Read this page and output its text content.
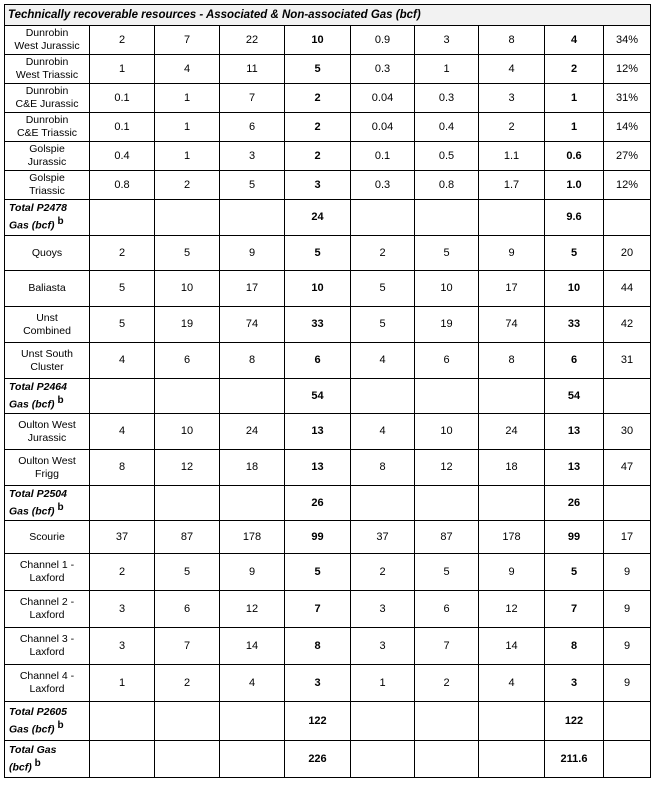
Technically recoverable resources - Associated & Non-associated Gas (bcf)									
Dunrobin
West Jurassic	2	7	22	10	0.9	3	8	4	34%
Dunrobin
West Triassic	1	4	11	5	0.3	1	4	2	12%
Dunrobin
C&E Jurassic	0.1	1	7	2	0.04	0.3	3	1	31%
Dunrobin
C&E Triassic	0.1	1	6	2	0.04	0.4	2	1	14%
Golspie
Jurassic	0.4	1	3	2	0.1	0.5	1.1	0.6	27%
Golspie
Triassic	0.8	2	5	3	0.3	0.8	1.7	1.0	12%
Total P2478
Gas (bcf) $^b$				24				9.6	
Quoys	2	5	9	5	2	5	9	5	20
Baliasta	5	10	17	10	5	10	17	10	44
Unst
Combined	5	19	74	33	5	19	74	33	42
Unst South
Cluster	4	6	8	6	4	6	8	6	31
Total P2464
Gas (bcf) $^b$				54				54	
Oulton West
Jurassic	4	10	24	13	4	10	24	13	30
Oulton West
Frigg	8	12	18	13	8	12	18	13	47
Total P2504
Gas (bcf) $^b$				26				26	
Scourie	37	87	178	99	37	87	178	99	17
Channel 1 -
Laxford	2	5	9	5	2	5	9	5	9
Channel 2 -
Laxford	3	6	12	7	3	6	12	7	9
Channel 3 -
Laxford	3	7	14	8	3	7	14	8	9
Channel 4 -
Laxford	1	2	4	3	1	2	4	3	9
Total P2605
Gas (bcf) $^b$				122				122	
Total Gas
(bcf) $^b$				226				211.6	
